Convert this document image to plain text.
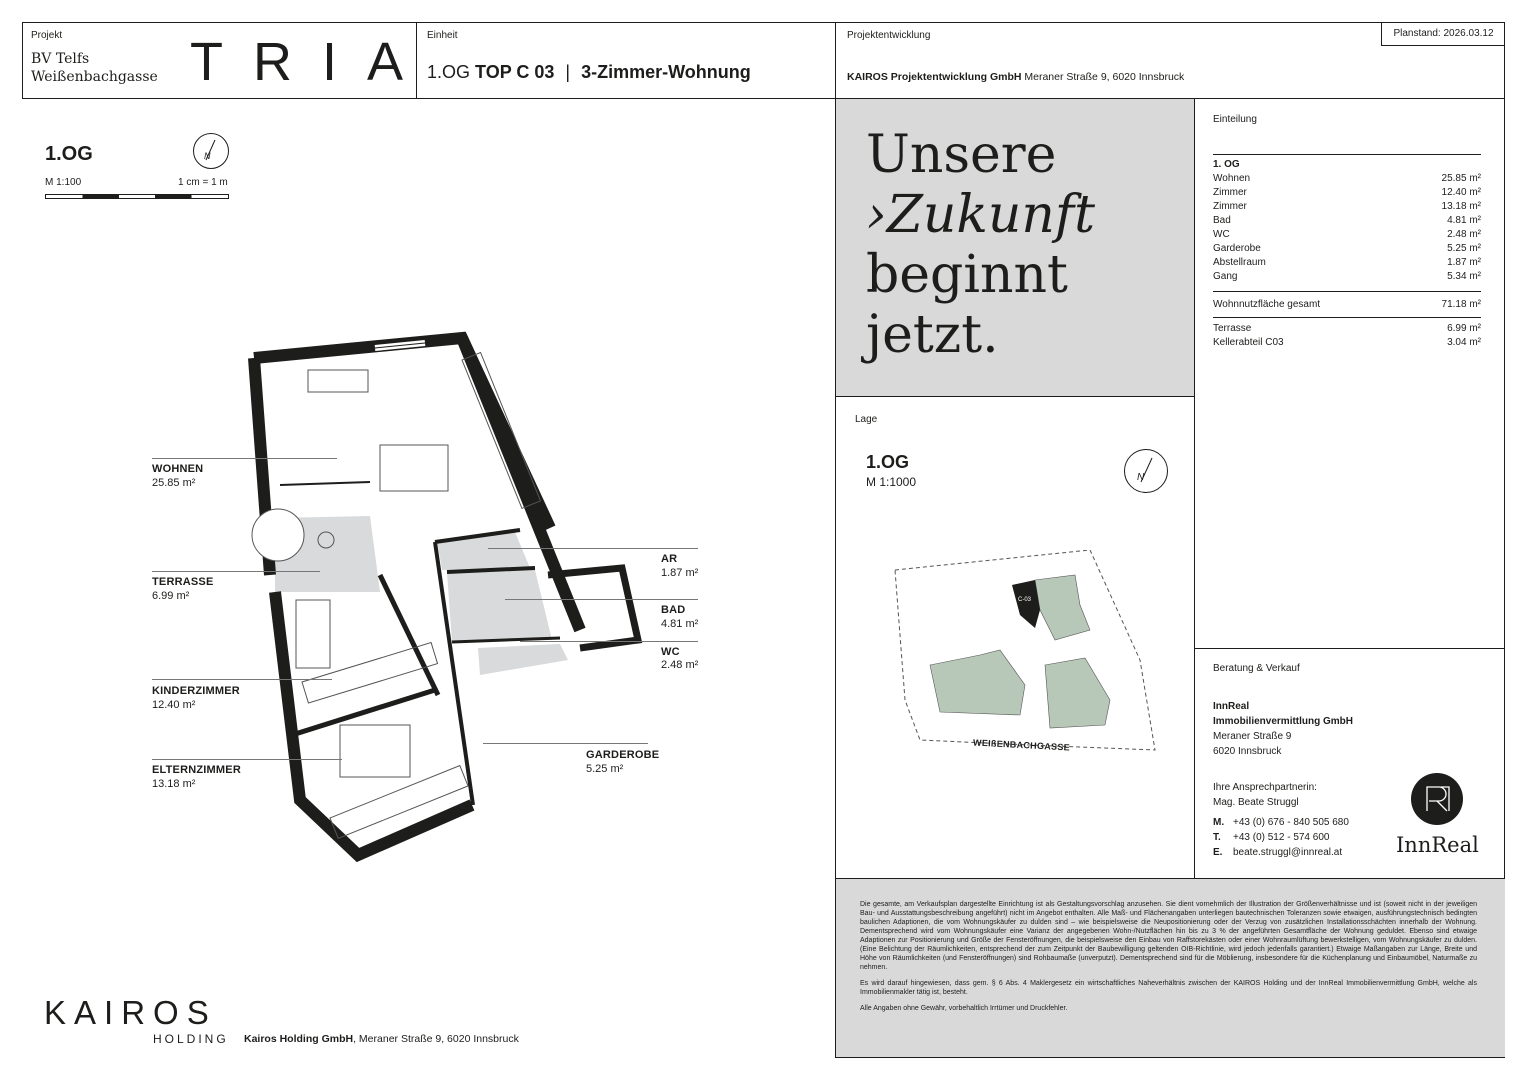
Projekt
BV Telfs
Weißenbachgasse TRIA
Einheit
1.OG TOP C 03 | 3-Zimmer-Wohnung
Projektentwicklung
KAIROS Projektentwicklung GmbH Meraner Straße 9, 6020 Innsbruck
Planstand: 2026.03.12
1.OG
M 1:100	1 cm = 1 m
N
WOHNEN
25.85 m²
TERRASSE
6.99 m²
KINDERZIMMER
12.40 m²
ELTERNZIMMER
13.18 m²
AR
1.87 m²
BAD
4.81 m²
WC
2.48 m²
GARDEROBE
5.25 m²
Unsere
›Zukunft
beginnt
jetzt.
Lage
1.OG
M 1:1000	N
C-03
WEIßENBACHGASSE
Einteilung
1. OG
Wohnen	25.85 m²
Zimmer	12.40 m²
Zimmer	13.18 m²
Bad	4.81 m²
WC	2.48 m²
Garderobe	5.25 m²
Abstellraum	1.87 m²
Gang	5.34 m²
Wohnnutzfläche gesamt	71.18 m²
Terrasse	6.99 m²
Kellerabteil C03	3.04 m²
Beratung & Verkauf
InnReal
Immobilienvermittlung GmbH
Meraner Straße 9
6020 Innsbruck
Ihre Ansprechpartnerin:
Mag. Beate Struggl
M. +43 (0) 676 - 840 505 680
T. +43 (0) 512 - 574 600
E. beate.struggl@innreal.at	InnReal

Die gesamte, am Verkaufsplan dargestellte Einrichtung ist als Gestaltungsvorschlag anzusehen. Sie dient vornehmlich der Illustration der Größenverhältnisse und ist (soweit nicht in der jeweiligen Bau- und Ausstattungsbeschreibung angeführt) nicht im Angebot enthalten. Alle Maß- und Flächenangaben unterliegen bautechnischen Toleranzen sowie etwaigen, ausführungstechnisch bedingten baulichen Adaptionen, die vom Wohnungskäufer zu dulden sind – wie beispielsweise die Neupositionierung oder der Verzug von zusätzlichen Installationsschächten innerhalb der Wohnung. Dementsprechend wird vom Wohnungskäufer eine Varianz der angegebenen Wohn-/Nutzflächen hin bis zu 3 % der angeführten Gesamtfläche der Wohnung geduldet. Ebenso sind etwaige Adaptionen zur Positionierung und Größe der Fensteröffnungen, die beispielsweise den Einbau von Raffstorekästen oder einer Wohnraumlüftung bewerkstelligen, vom Wohnungskäufer zu dulden. (Eine Belichtung der Räumlichkeiten, entsprechend der zum Zeitpunkt der Baubewilligung geltenden OIB-Richtlinie, wird jedoch jedenfalls garantiert.) Etwaige Maßangaben zur Länge, Breite und Höhe von Räumlichkeiten (und Fensteröffnungen) sind Rohbaumaße (unverputzt). Dementsprechend sind für die Möblierung, insbesondere für die Küchenplanung und Einbaumöbel, Naturmaße zu nehmen.

Es wird darauf hingewiesen, dass gem. § 6 Abs. 4 Maklergesetz ein wirtschaftliches Naheverhältnis zwischen der KAIROS Holding und der InnReal Immobilienvermittlung GmbH, welche als Immobilienmakler tätig ist, besteht.

Alle Angaben ohne Gewähr, vorbehaltlich Irrtümer und Druckfehler.

KAIROS
HOLDING Kairos Holding GmbH, Meraner Straße 9, 6020 Innsbruck
